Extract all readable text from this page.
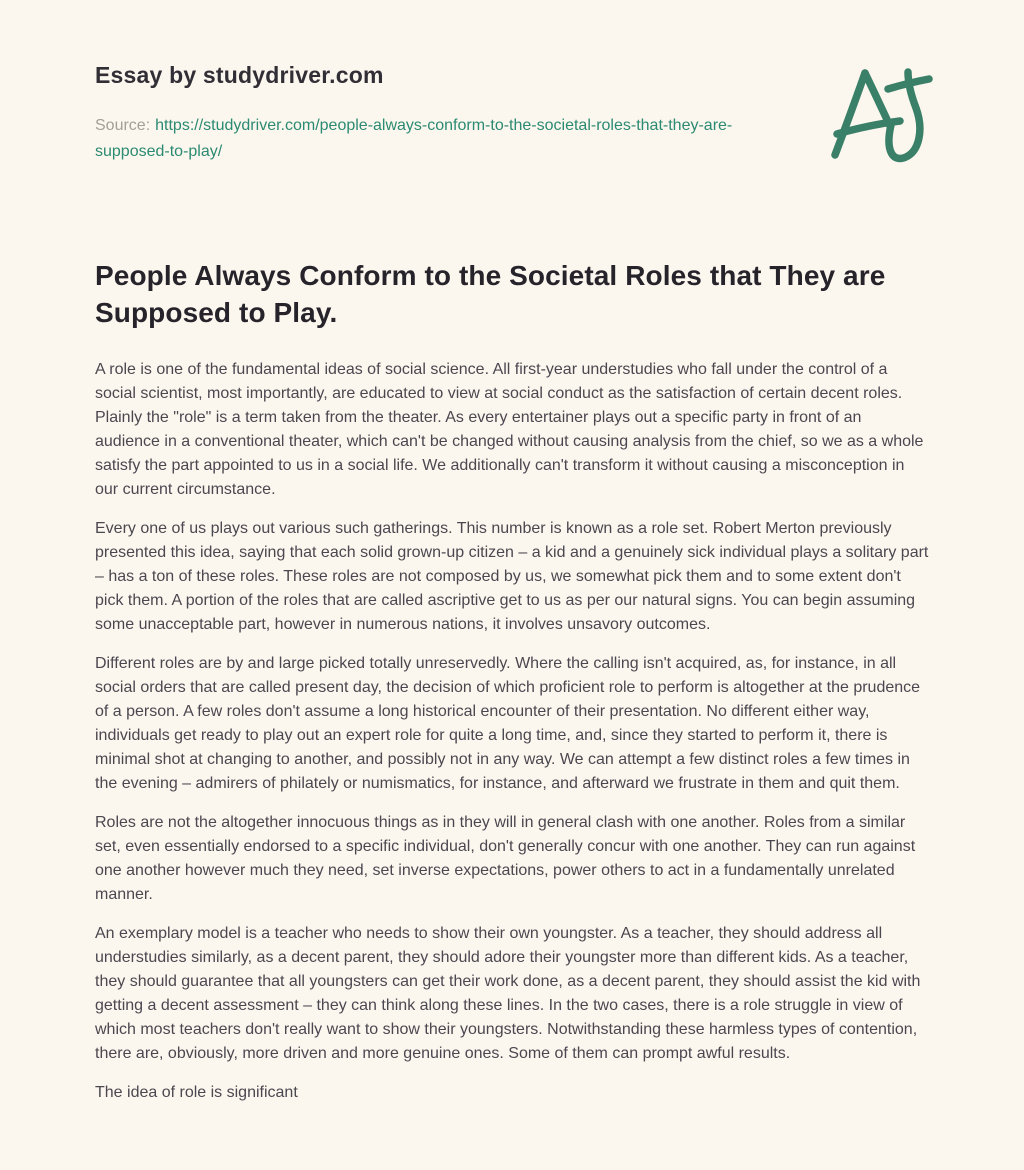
Essay by studydriver.com

Source: https://studydriver.com/people-always-conform-to-the-societal-roles-that-they-are-supposed-to-play/

People Always Conform to the Societal Roles that They are Supposed to Play.

A role is one of the fundamental ideas of social science. All first-year understudies who fall under the control of a social scientist, most importantly, are educated to view at social conduct as the satisfaction of certain decent roles. Plainly the "role" is a term taken from the theater. As every entertainer plays out a specific party in front of an audience in a conventional theater, which can't be changed without causing analysis from the chief, so we as a whole satisfy the part appointed to us in a social life. We additionally can't transform it without causing a misconception in our current circumstance.

Every one of us plays out various such gatherings. This number is known as a role set. Robert Merton previously presented this idea, saying that each solid grown-up citizen – a kid and a genuinely sick individual plays a solitary part – has a ton of these roles. These roles are not composed by us, we somewhat pick them and to some extent don't pick them. A portion of the roles that are called ascriptive get to us as per our natural signs. You can begin assuming some unacceptable part, however in numerous nations, it involves unsavory outcomes.

Different roles are by and large picked totally unreservedly. Where the calling isn't acquired, as, for instance, in all social orders that are called present day, the decision of which proficient role to perform is altogether at the prudence of a person. A few roles don't assume a long historical encounter of their presentation. No different either way, individuals get ready to play out an expert role for quite a long time, and, since they started to perform it, there is minimal shot at changing to another, and possibly not in any way. We can attempt a few distinct roles a few times in the evening – admirers of philately or numismatics, for instance, and afterward we frustrate in them and quit them.

Roles are not the altogether innocuous things as in they will in general clash with one another. Roles from a similar set, even essentially endorsed to a specific individual, don't generally concur with one another. They can run against one another however much they need, set inverse expectations, power others to act in a fundamentally unrelated manner.

An exemplary model is a teacher who needs to show their own youngster. As a teacher, they should address all understudies similarly, as a decent parent, they should adore their youngster more than different kids. As a teacher, they should guarantee that all youngsters can get their work done, as a decent parent, they should assist the kid with getting a decent assessment – they can think along these lines. In the two cases, there is a role struggle in view of which most teachers don't really want to show their youngsters. Notwithstanding these harmless types of contention, there are, obviously, more driven and more genuine ones. Some of them can prompt awful results.

The idea of role is significant
